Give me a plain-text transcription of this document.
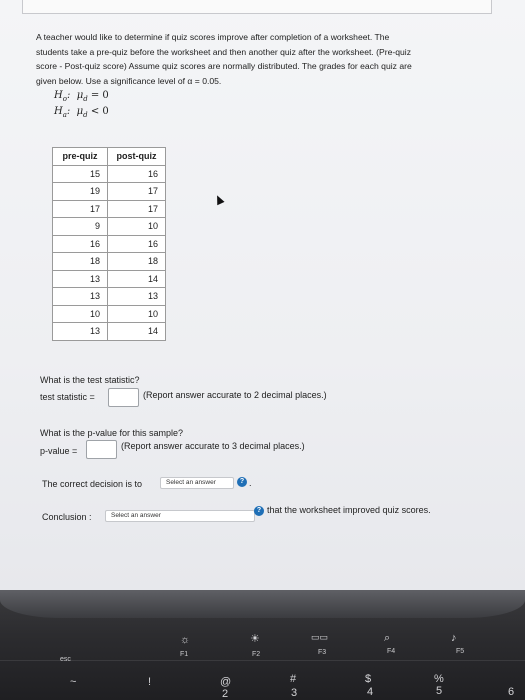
A teacher would like to determine if quiz scores improve after completion of a worksheet. The
students take a pre-quiz before the worksheet and then another quiz after the worksheet. (Pre-quiz
score - Post-quiz score) Assume quiz scores are normally distributed. The grades for each quiz are
given below. Use a significance level of α = 0.05.
$H_o$:  $\mu_d = 0$
$H_a$:  $\mu_d < 0$
pre-quiz	post-quiz
15	16
19	17
17	17
9	10
16	16
18	18
13	14
13	13
10	10
13	14
What is the test statistic?
test statistic =	(Report answer accurate to 2 decimal places.)
What is the p-value for this sample?
p-value =	(Report answer accurate to 3 decimal places.)
The correct decision is to	Select an answer	? .
Conclusion :	Select an answer
? that the worksheet improved quiz scores.
esc
☼
F1
☀
F2
▭▭
F3
⌕
F4
♪
F5
~	!	@
2
#
3
$
4
%
5	6
